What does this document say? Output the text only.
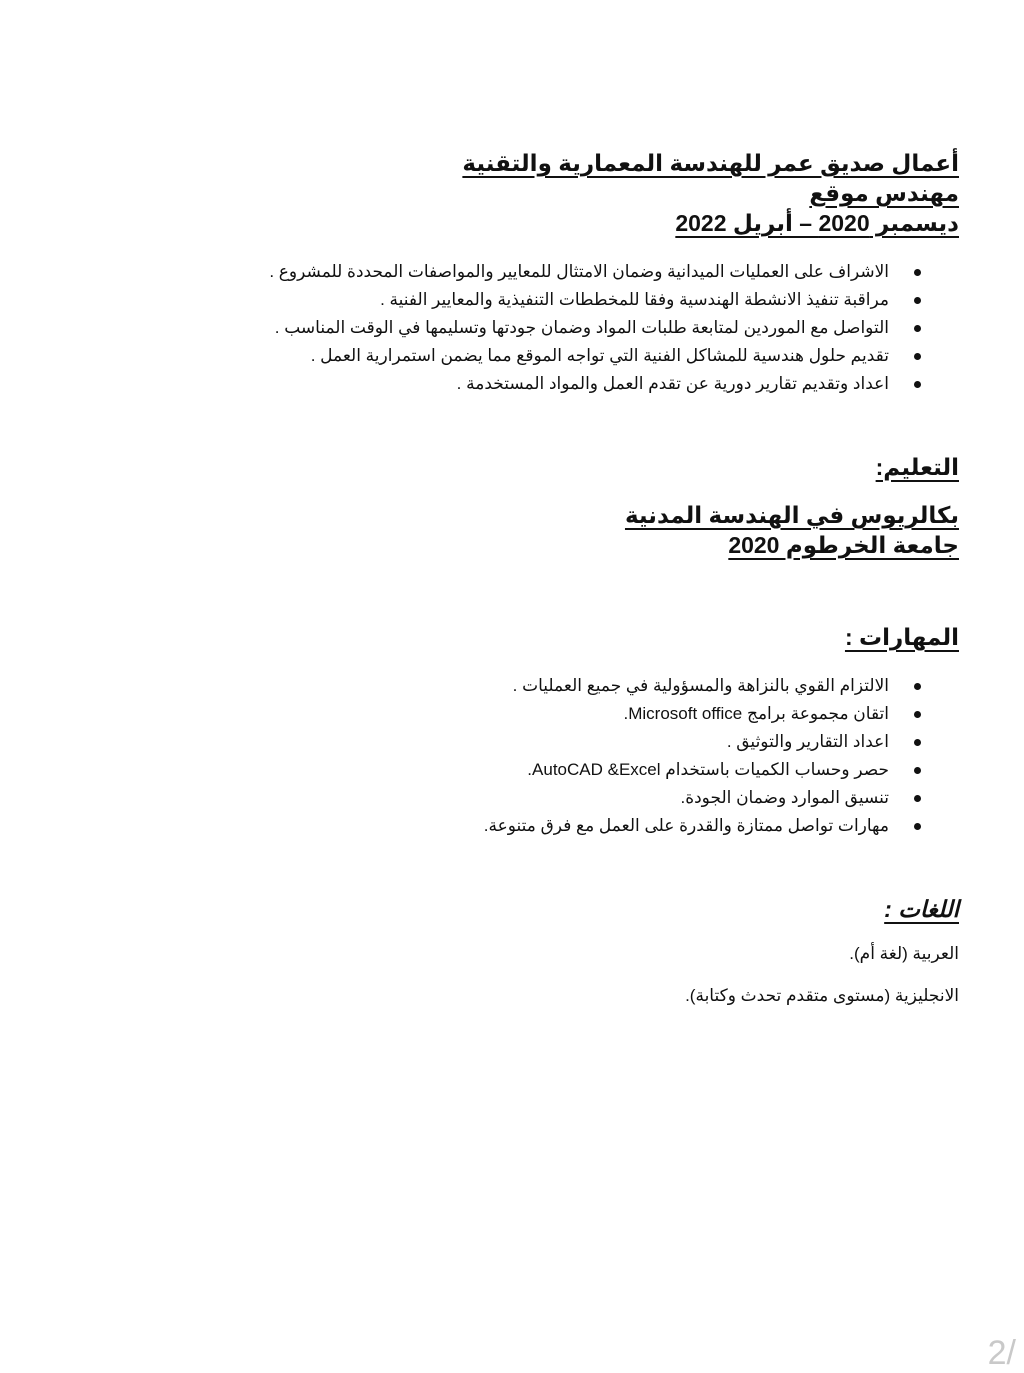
أعمال صديق عمر للهندسة المعمارية والتقنية

مهندس موقع

ديسمبر 2020 – أبريل 2022

الاشراف على العمليات الميدانية وضمان الامتثال للمعايير والمواصفات المحددة للمشروع .
مراقبة تنفيذ الانشطة الهندسية وفقا للمخططات التنفيذية والمعايير الفنية .
التواصل مع الموردين لمتابعة طلبات المواد وضمان جودتها وتسليمها في الوقت المناسب .
تقديم حلول هندسية للمشاكل الفنية التي تواجه الموقع مما يضمن استمرارية العمل .
اعداد وتقديم تقارير دورية عن تقدم العمل والمواد المستخدمة .

التعليم:

بكالريوس في الهندسة المدنية

جامعة الخرطوم 2020

المهارات :

الالتزام القوي بالنزاهة والمسؤولية في جميع العمليات .
اتقان مجموعة برامج Microsoft office.
اعداد التقارير والتوثيق .
حصر وحساب الكميات باستخدام AutoCAD &Excel.
تنسيق الموارد وضمان الجودة.
مهارات تواصل ممتازة والقدرة على العمل مع فرق متنوعة.

اللغات :

العربية (لغة أم).

الانجليزية (مستوى متقدم تحدث وكتابة).

2/
